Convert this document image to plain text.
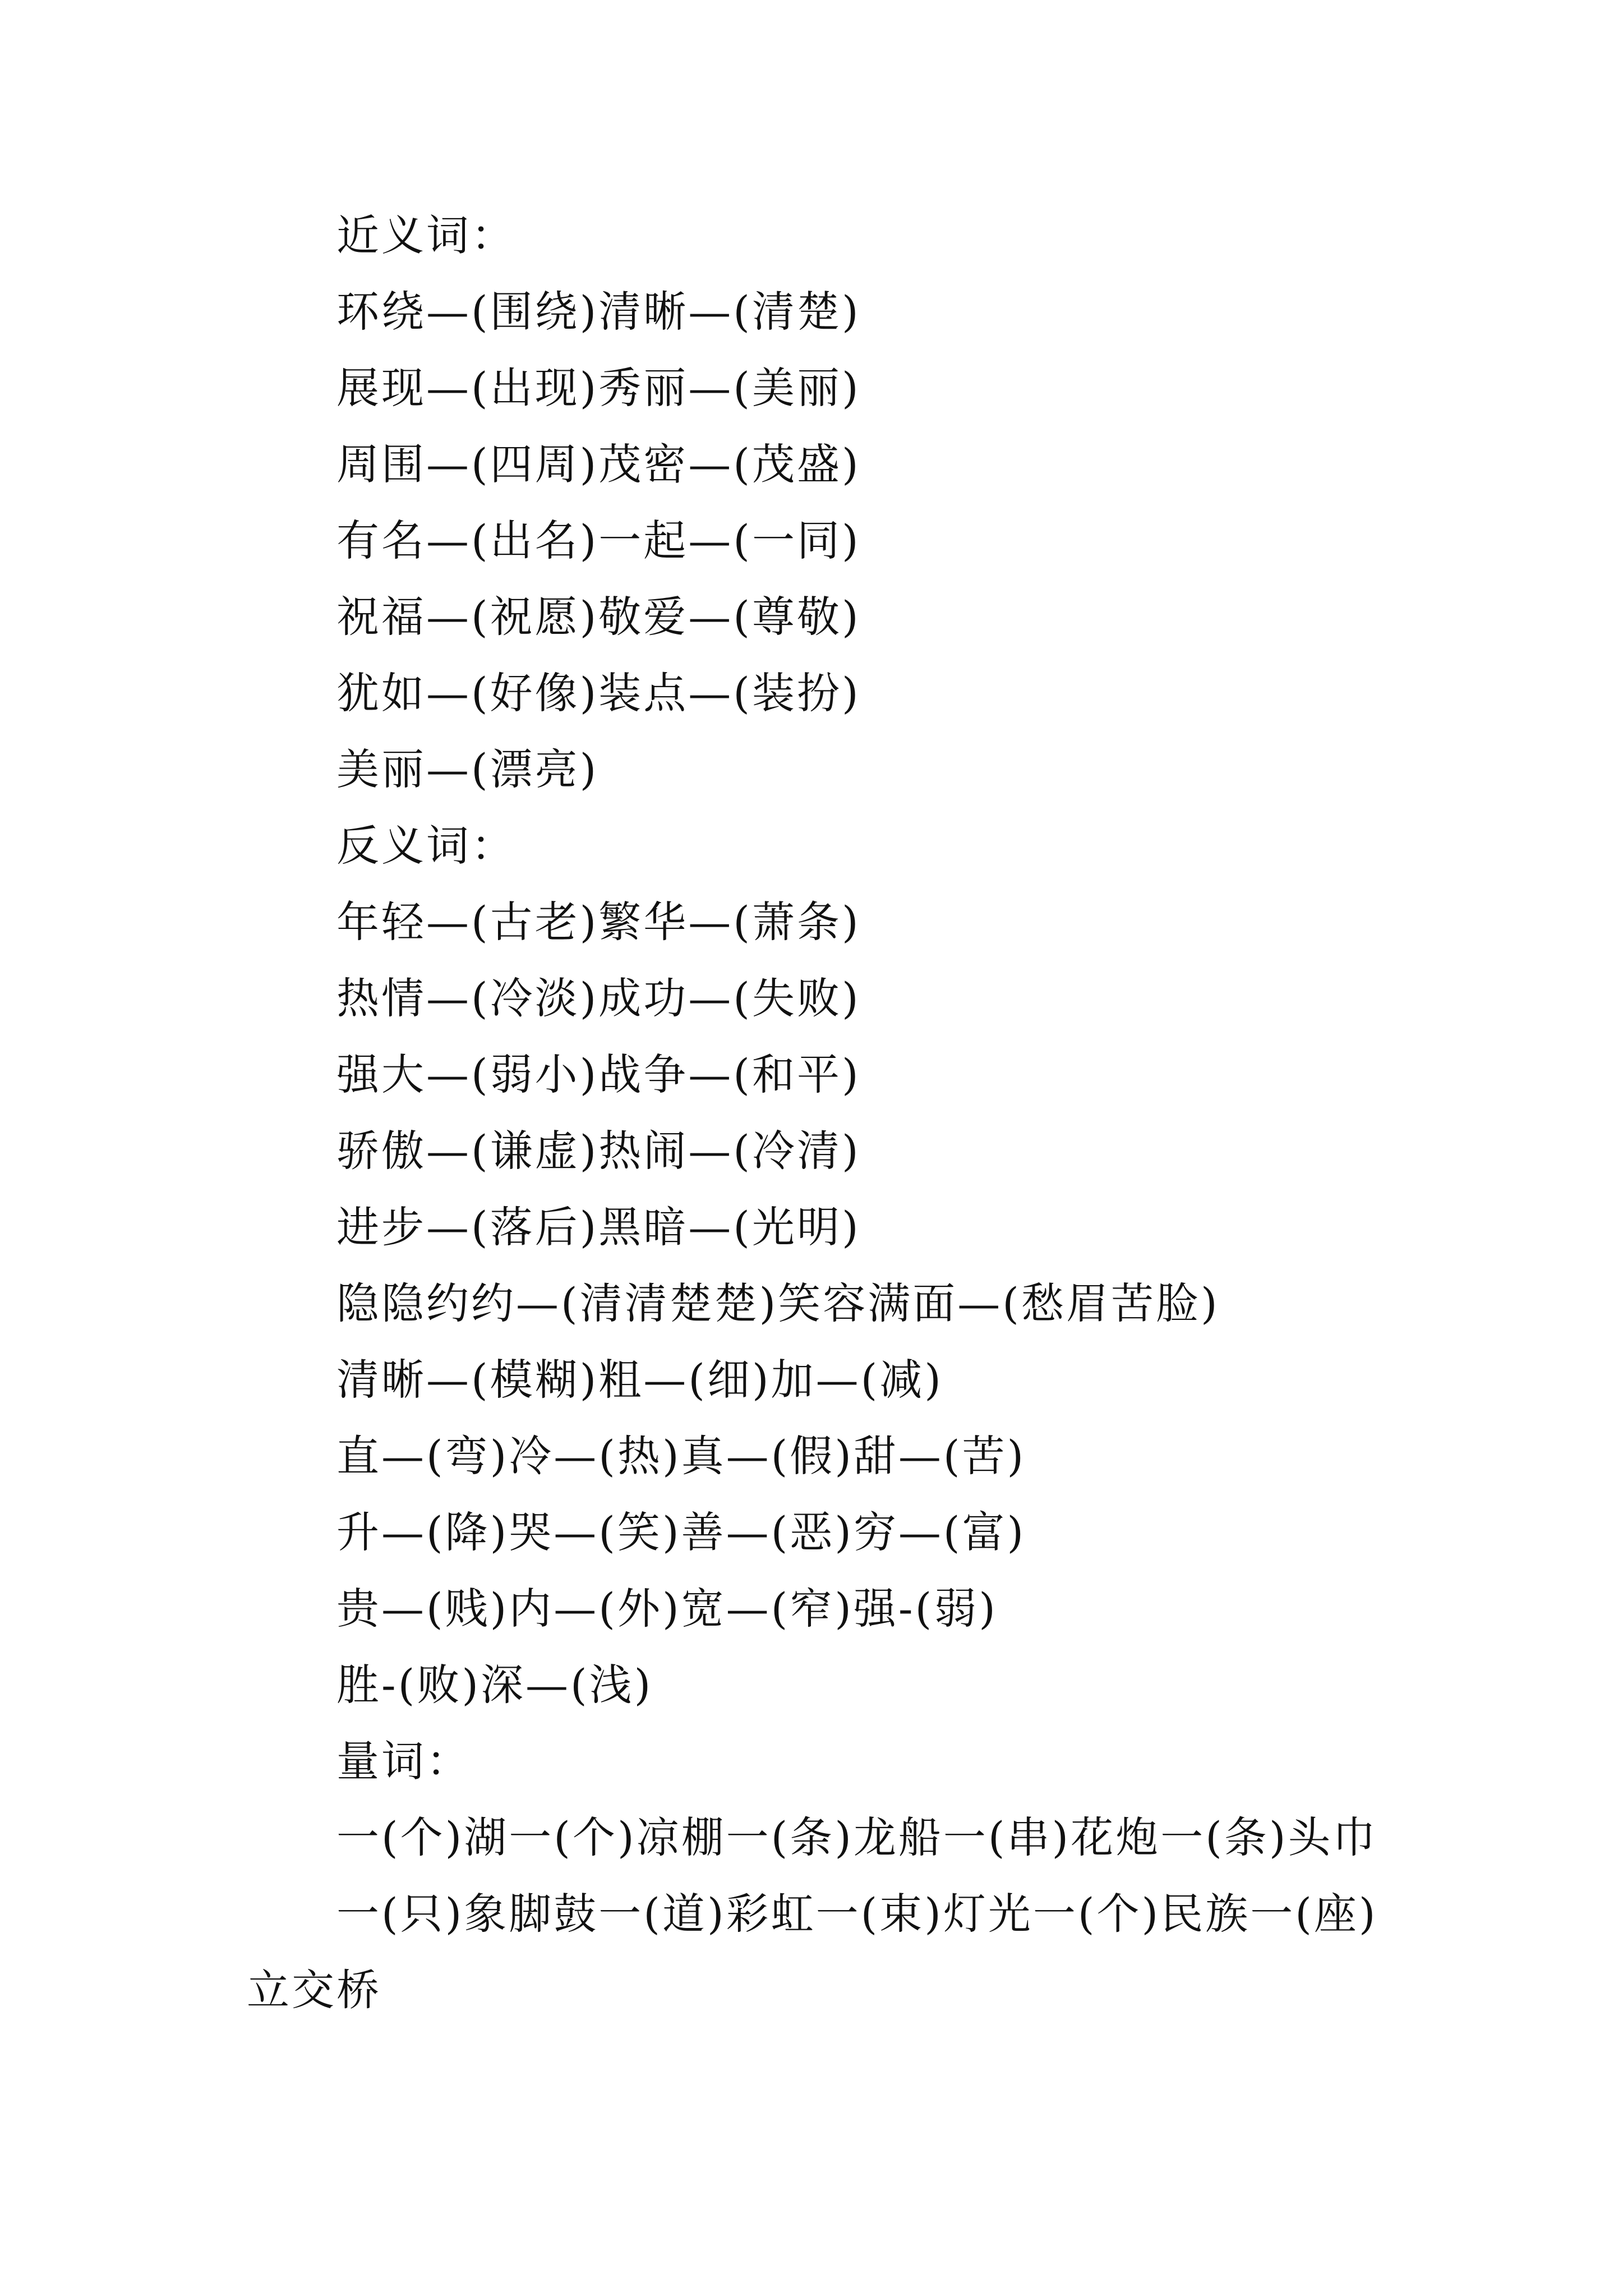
近义词：
环绕—(围绕)清晰—(清楚)
展现—(出现)秀丽—(美丽)
周围—(四周)茂密—(茂盛)
有名—(出名)一起—(一同)
祝福—(祝愿)敬爱—(尊敬)
犹如—(好像)装点—(装扮)
美丽—(漂亮)
反义词：
年轻—(古老)繁华—(萧条)
热情—(冷淡)成功—(失败)
强大—(弱小)战争—(和平)
骄傲—(谦虚)热闹—(冷清)
进步—(落后)黑暗—(光明)
隐隐约约—(清清楚楚)笑容满面—(愁眉苦脸)
清晰—(模糊)粗—(细)加—(减)
直—(弯)冷—(热)真—(假)甜—(苦)
升—(降)哭—(笑)善—(恶)穷—(富)
贵—(贱)内—(外)宽—(窄)强-(弱)
胜-(败)深—(浅)
量词：
一(个)湖一(个)凉棚一(条)龙船一(串)花炮一(条)头巾
一(只)象脚鼓一(道)彩虹一(束)灯光一(个)民族一(座)
立交桥
